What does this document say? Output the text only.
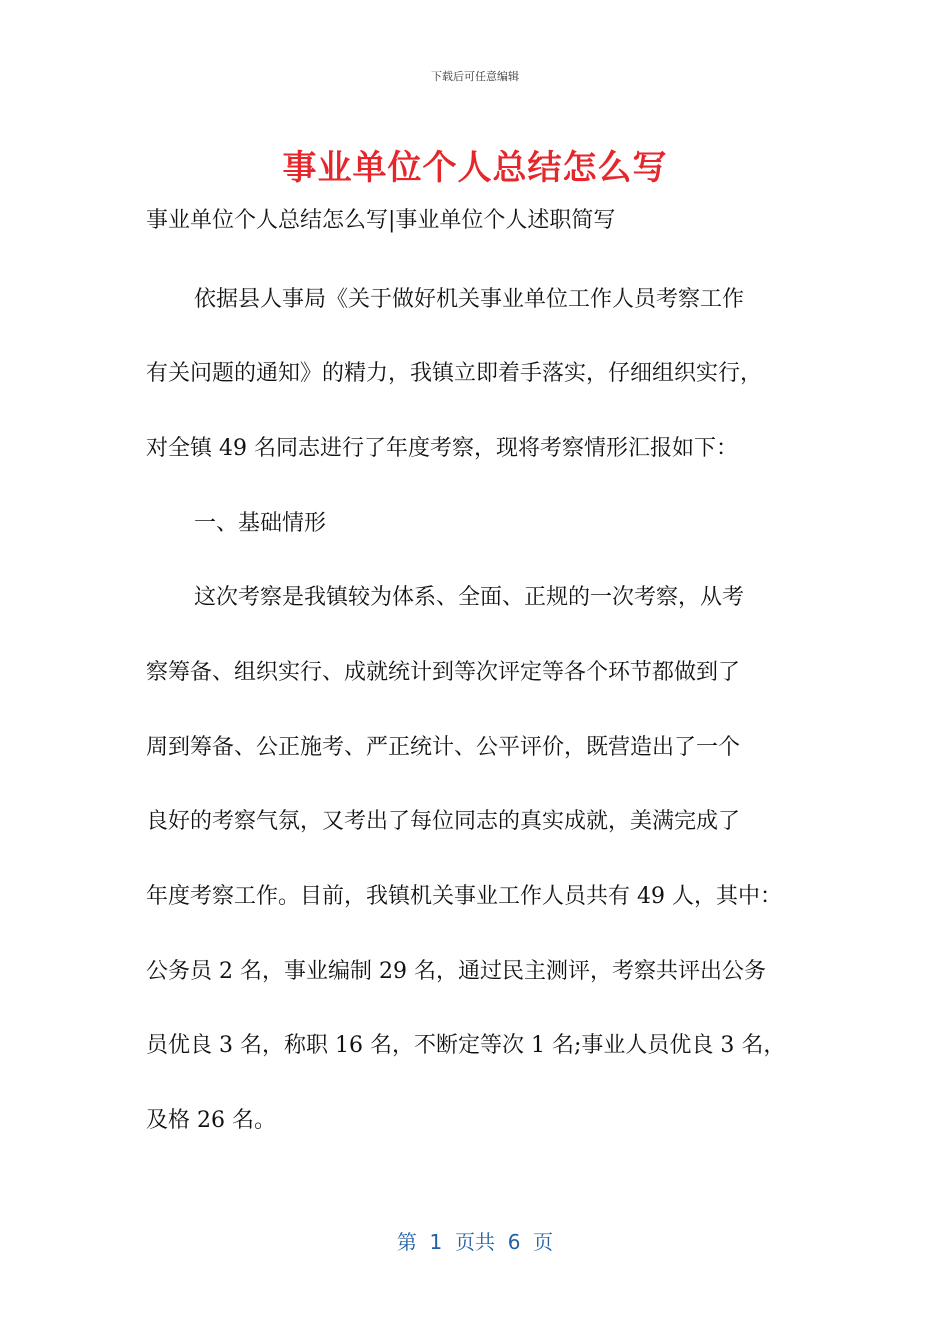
下载后可任意编辑
事业单位个人总结怎么写
事业单位个人总结怎么写|事业单位个人述职简写
依据县人事局《关于做好机关事业单位工作人员考察工作
有关问题的通知》的精力，我镇立即着手落实，仔细组织实行，
对全镇 49 名同志进行了年度考察，现将考察情形汇报如下：
一、基础情形
这次考察是我镇较为体系、全面、正规的一次考察，从考
察筹备、组织实行、成就统计到等次评定等各个环节都做到了
周到筹备、公正施考、严正统计、公平评价，既营造出了一个
良好的考察气氛，又考出了每位同志的真实成就，美满完成了
年度考察工作。目前，我镇机关事业工作人员共有 49 人，其中：
公务员 2 名，事业编制 29 名，通过民主测评，考察共评出公务
员优良 3 名，称职 16 名，不断定等次 1 名;事业人员优良 3 名，
及格 26 名。
第  1  页共  6  页
